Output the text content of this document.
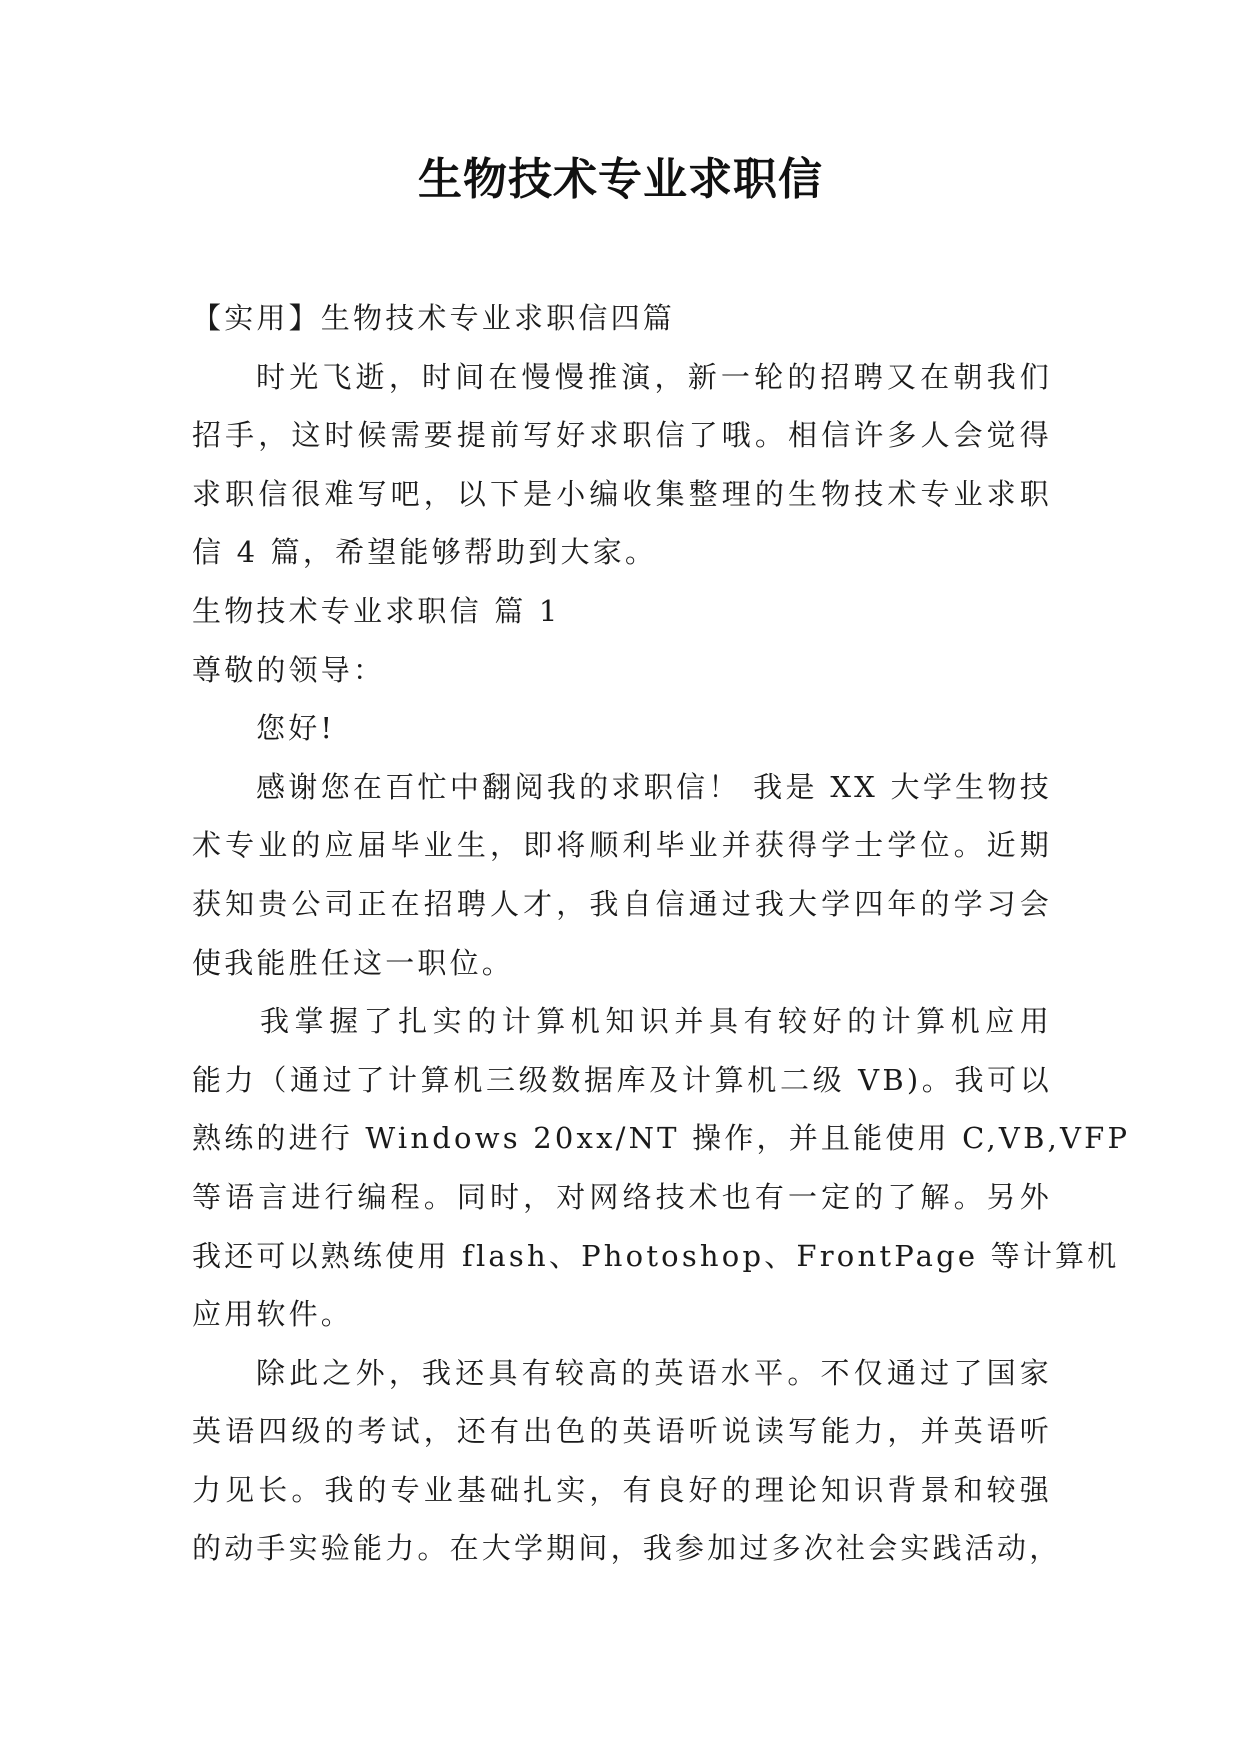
生物技术专业求职信
【实用】生物技术专业求职信四篇
时光飞逝，时间在慢慢推演，新一轮的招聘又在朝我们
招手，这时候需要提前写好求职信了哦。相信许多人会觉得
求职信很难写吧，以下是小编收集整理的生物技术专业求职
信 4 篇，希望能够帮助到大家。
生物技术专业求职信 篇 1
尊敬的领导：
您好!
感谢您在百忙中翻阅我的求职信！ 我是 XX 大学生物技
术专业的应届毕业生，即将顺利毕业并获得学士学位。近期
获知贵公司正在招聘人才，我自信通过我大学四年的学习会
使我能胜任这一职位。
我掌握了扎实的计算机知识并具有较好的计算机应用
能力（通过了计算机三级数据库及计算机二级 VB)。我可以
熟练的进行 Windows 20xx/NT 操作，并且能使用 C,VB,VFP
等语言进行编程。同时，对网络技术也有一定的了解。另外
我还可以熟练使用 flash、Photoshop、FrontPage 等计算机
应用软件。
除此之外，我还具有较高的英语水平。不仅通过了国家
英语四级的考试，还有出色的英语听说读写能力，并英语听
力见长。我的专业基础扎实，有良好的理论知识背景和较强
的动手实验能力。在大学期间，我参加过多次社会实践活动，
